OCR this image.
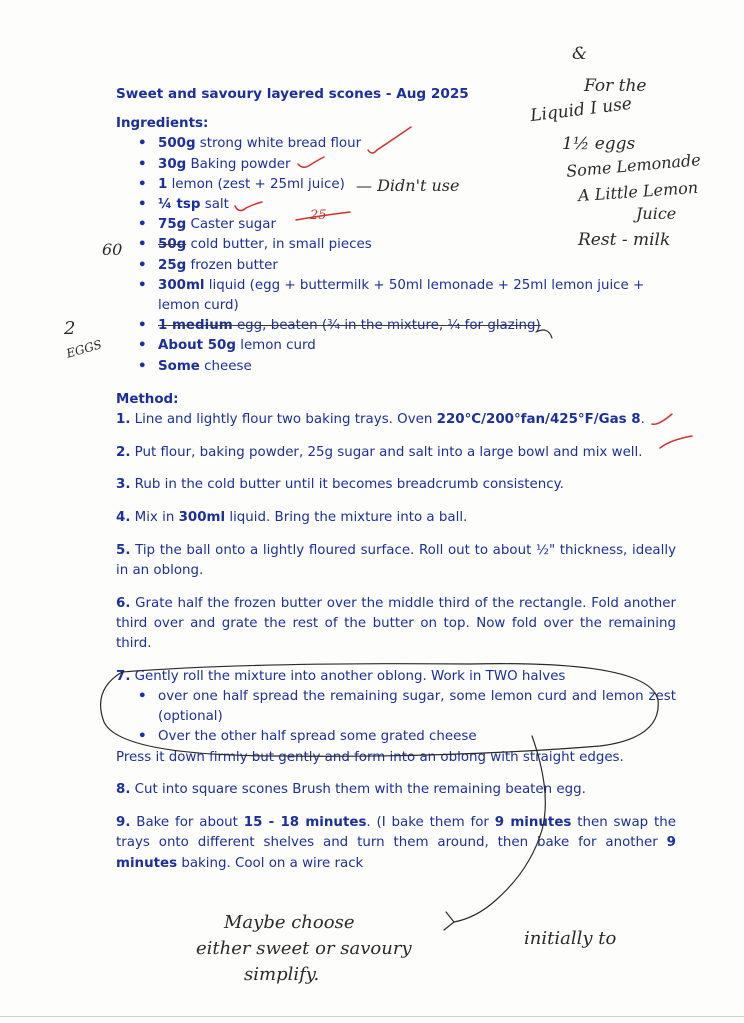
Sweet and savoury layered scones - Aug 2025
Ingredients:
• 500g strong white bread flour
• 30g Baking powder
• 1 lemon (zest + 25ml juice)
• ¼ tsp salt
• 75g Caster sugar
• 50g cold butter, in small pieces
• 25g frozen butter
• 300ml liquid (egg + buttermilk + 50ml lemonade + 25ml lemon juice + lemon curd)
• 1 medium egg, beaten (¾ in the mixture, ¼ for glazing)
• About 50g lemon curd
• Some cheese
Method:
1. Line and lightly flour two baking trays. Oven 220°C/200°fan/425°F/Gas 8.
2. Put flour, baking powder, 25g sugar and salt into a large bowl and mix well.
3. Rub in the cold butter until it becomes breadcrumb consistency.
4. Mix in 300ml liquid. Bring the mixture into a ball.
5. Tip the ball onto a lightly floured surface. Roll out to about ½" thickness, ideally in an oblong.
6. Grate half the frozen butter over the middle third of the rectangle. Fold another third over and grate the rest of the butter on top. Now fold over the remaining third.
7. Gently roll the mixture into another oblong. Work in TWO halves
• over one half spread the remaining sugar, some lemon curd and lemon zest (optional)
• Over the other half spread some grated cheese
Press it down firmly but gently and form into an oblong with straight edges.
8. Cut into square scones Brush them with the remaining beaten egg.
9. Bake for about 15 - 18 minutes. (I bake them for 9 minutes then swap the trays onto different shelves and turn them around, then bake for another 9 minutes baking. Cool on a wire rack
— Didn't use
&
For the
Liquid I use
1½ eggs
Some Lemonade
A Little Lemon
Juice
Rest - milk
25
60
2
EGGS
Maybe choose
either sweet or savoury	initially to
simplify.
